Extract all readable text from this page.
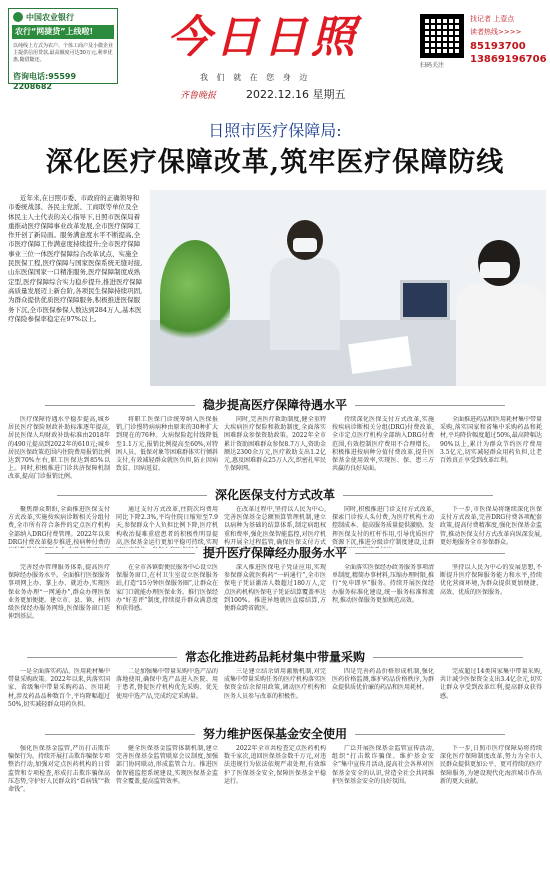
中国农业银行
农行“网捷贷”上线啦!
以纯线上方式为农户、个体工商户及小微企业主提供信用贷款,最高额度可达30万元,利率优惠,随借随还。
咨询电话:95599 2208682
今日日照
我 们 就 在 您 身 边
齐鲁晚报	2022.12.16 星期五
扫码关注
找记者 上壹点
读者热线>>>>
85193700
13869196706
日照市医疗保障局:
深化医疗保障改革,筑牢医疗保障防线
近年来,在日照市委、市政府的正确领导和市委统战部、各民主党派、工商联等单位及全体民主人士代表的关心指导下,日照市医保局着重推动医疗保障事业改革发展,全市医疗保障工作开创了新局面。服务满意度水平不断提高,全市医疗保障工作满意度持续提升;全市医疗保障事业三位一体医疗保障综合改革试点、实施全民医保工程,医疗保障与国家医保系统无缝对接,山东医保国家一口精准服务,医疗保障制度成熟定型,医疗保障综合实力稳步提升,推进医疗保障高质量发展迈上新台阶,各项民生保障持续巩固,为群众提供优质医疗保障服务,积极推进医保服务下沉,全市医保参保人数达到284万人,基本医疗保险参保率稳定在97%以上。
稳步提高医疗保障待遇水平
医疗保障待遇水平稳步提高,城乡居民医疗保险财政补助标准逐年提高,居民医保人均财政补助标准由2018年的490元提高到2022年的610元;城乡居民医保政策范围内住院费用报销比例达到70%左右,职工医保达到85%以上。同时,积极推进门诊共济保障机制改革,提高门诊报销比例。
将职工医保门诊统筹纳入医保报销,门诊慢特病病种由原来的30种扩大到现在的76种。大病保险起付线降低至1.1万元,报销比例提高至60%,对特困人员、低保对象等困难群体实行倾斜支付,有效减轻群众就医负担,防止因病致贫、因病返贫。
同时,完善医疗救助制度,健全重特大疾病医疗保险和救助制度,全面落实困难群众参保资助政策。2022年全市累计资助困难群众参保8.7万人,资助金额达2300余万元,医疗救助支出1.2亿元,惠及困难群众25万人次,织密扎牢民生保障网。
持续深化医保支付方式改革,实施按疾病诊断相关分组(DRG)付费改革,全市定点医疗机构全部纳入DRG付费范围,有效控制医疗费用不合理增长。积极推进按病种分值付费改革,提升医保基金使用效率,实现医、保、患三方共赢的良好局面。
全面推进药品和医用耗材集中带量采购,落实国家和省集中采购药品和耗材,平均降价幅度超过50%,最高降幅达90%以上,累计为群众节约医疗费用3.5亿元,切实减轻群众用药负担,让老百姓真正享受到改革红利。
深化医保支付方式改革
聚焦群众期盼,全面推进医保支付方式改革,实施按疾病诊断相关分组付费,全市所有符合条件的定点医疗机构全部纳入DRG付费管理。2022年以来DRG付费改革稳步推进,按病种付费的
通过支付方式改革,住院次均费用同比下降2.3%,平均住院日缩短至7.9天,参保群众个人负担比例下降,医疗机构收治疑难重症患者的积极性明显提高,医保基金运行更加平稳可持续,实现
在改革过程中,坚持以人民为中心,完善医保基金总额预算管理机制,建立以病种为基础的结算体系,制定病组权重和费率,强化医保智能监控,对医疗机构开展全过程监管,确保医保支付方式
同时,积极推进门诊支付方式改革,探索门诊按人头付费,为医疗机构主动控制成本、提高服务质量提供激励。发挥医保支付的杠杆作用,引导优质医疗资源下沉,推进分级诊疗制度建设,让群
下一步,市医保局将继续深化医保支付方式改革,完善DRG付费各项配套政策,提高付费精准度,强化医保基金监管,推动医保支付方式改革向纵深发展,更好地服务全市参保群众。
提升医疗保障经办服务水平
完善经办管理服务体系,提高医疗保障经办服务水平。全面推行医保服务事项网上办、掌上办、就近办,实现医保业务办理“一网通办”,群众办理医保业务更加便捷。建立市、县、镇、村四级医保经办服务网络,医保服务窗口延伸到基层。
在全市各镇街便民服务中心设立医保服务窗口,在村卫生室设立医保服务站,打造“15分钟医保服务圈”,让群众在家门口就能办理医保业务。推行医保经办“好差评”制度,持续提升群众满意度和获得感。
深入推进医保电子凭证应用,实现参保群众就医购药“一码通行”,全市医保电子凭证激活人数超过180万人,定点医药机构医保电子凭证结算覆盖率达到100%。推进异地就医直接结算,方便群众跨省就医。
全面落实医保经办政务服务事项清单制度,精简办事材料,压缩办理时限,推行“免申即享”服务。持续开展医保经办服务标准化建设,统一服务标准和流程,推动医保服务更加规范高效。
坚持以人民为中心的发展思想,不断提升医疗保障服务能力和水平,持续优化营商环境,为群众提供更加便捷、高效、优质的医保服务。
常态化推进药品耗材集中带量采购
一是全面落实药品、医用耗材集中带量采购政策。2022年以来,共落实国家、省级集中带量采购药品、医用耗材,涉及药品品种数百个,平均降幅超过50%,切实减轻群众用药负担。
二是加强集中带量采购中选产品的落地使用,确保中选产品进入医院、用于患者,督促医疗机构优先采购、优先使用中选产品,完成约定采购量。
三是建立结余留用激励机制,对完成集中带量采购任务的医疗机构落实医保资金结余留用政策,调动医疗机构和医务人员参与改革的积极性。
四是完善药品价格形成机制,强化医药价格监测,维护药品价格秩序,为群众提供质优价廉的药品和医用耗材。
完成超过14类国家集中带量采购,共计减少医保资金支出3.4亿余元,切实让群众享受到改革红利,提高群众获得感。
努力维护医保基金安全使用
强化医保基金监管,严厉打击欺诈骗保行为。持续开展打击欺诈骗保专项整治行动,加强对定点医药机构的日常监管和专项检查,形成打击欺诈骗保高压态势,守护好人民群众的“看病钱”“救命钱”。
健全医保基金监管体制机制,建立完善医保基金监管联席会议制度,加强部门协同联动,形成监管合力。推进医保智能监控系统建设,实现医保基金监管全覆盖,提高监管效率。
2022年全市共检查定点医药机构数千家次,追回医保基金数千万元,对违法违规行为依法依规严肃处理,有效维护了医保基金安全,保障医保基金平稳运行。
广泛开展医保基金监管宣传活动,组织“打击欺诈骗保、维护基金安全”集中宣传月活动,提高社会各界对医保基金安全的认识,营造全社会共同维护医保基金安全的良好氛围。
下一步,日照市医疗保障局将持续深化医疗保障制度改革,努力为全市人民群众提供更加公平、更可持续的医疗保障服务,为建设现代化海滨城市作出新的更大贡献。
